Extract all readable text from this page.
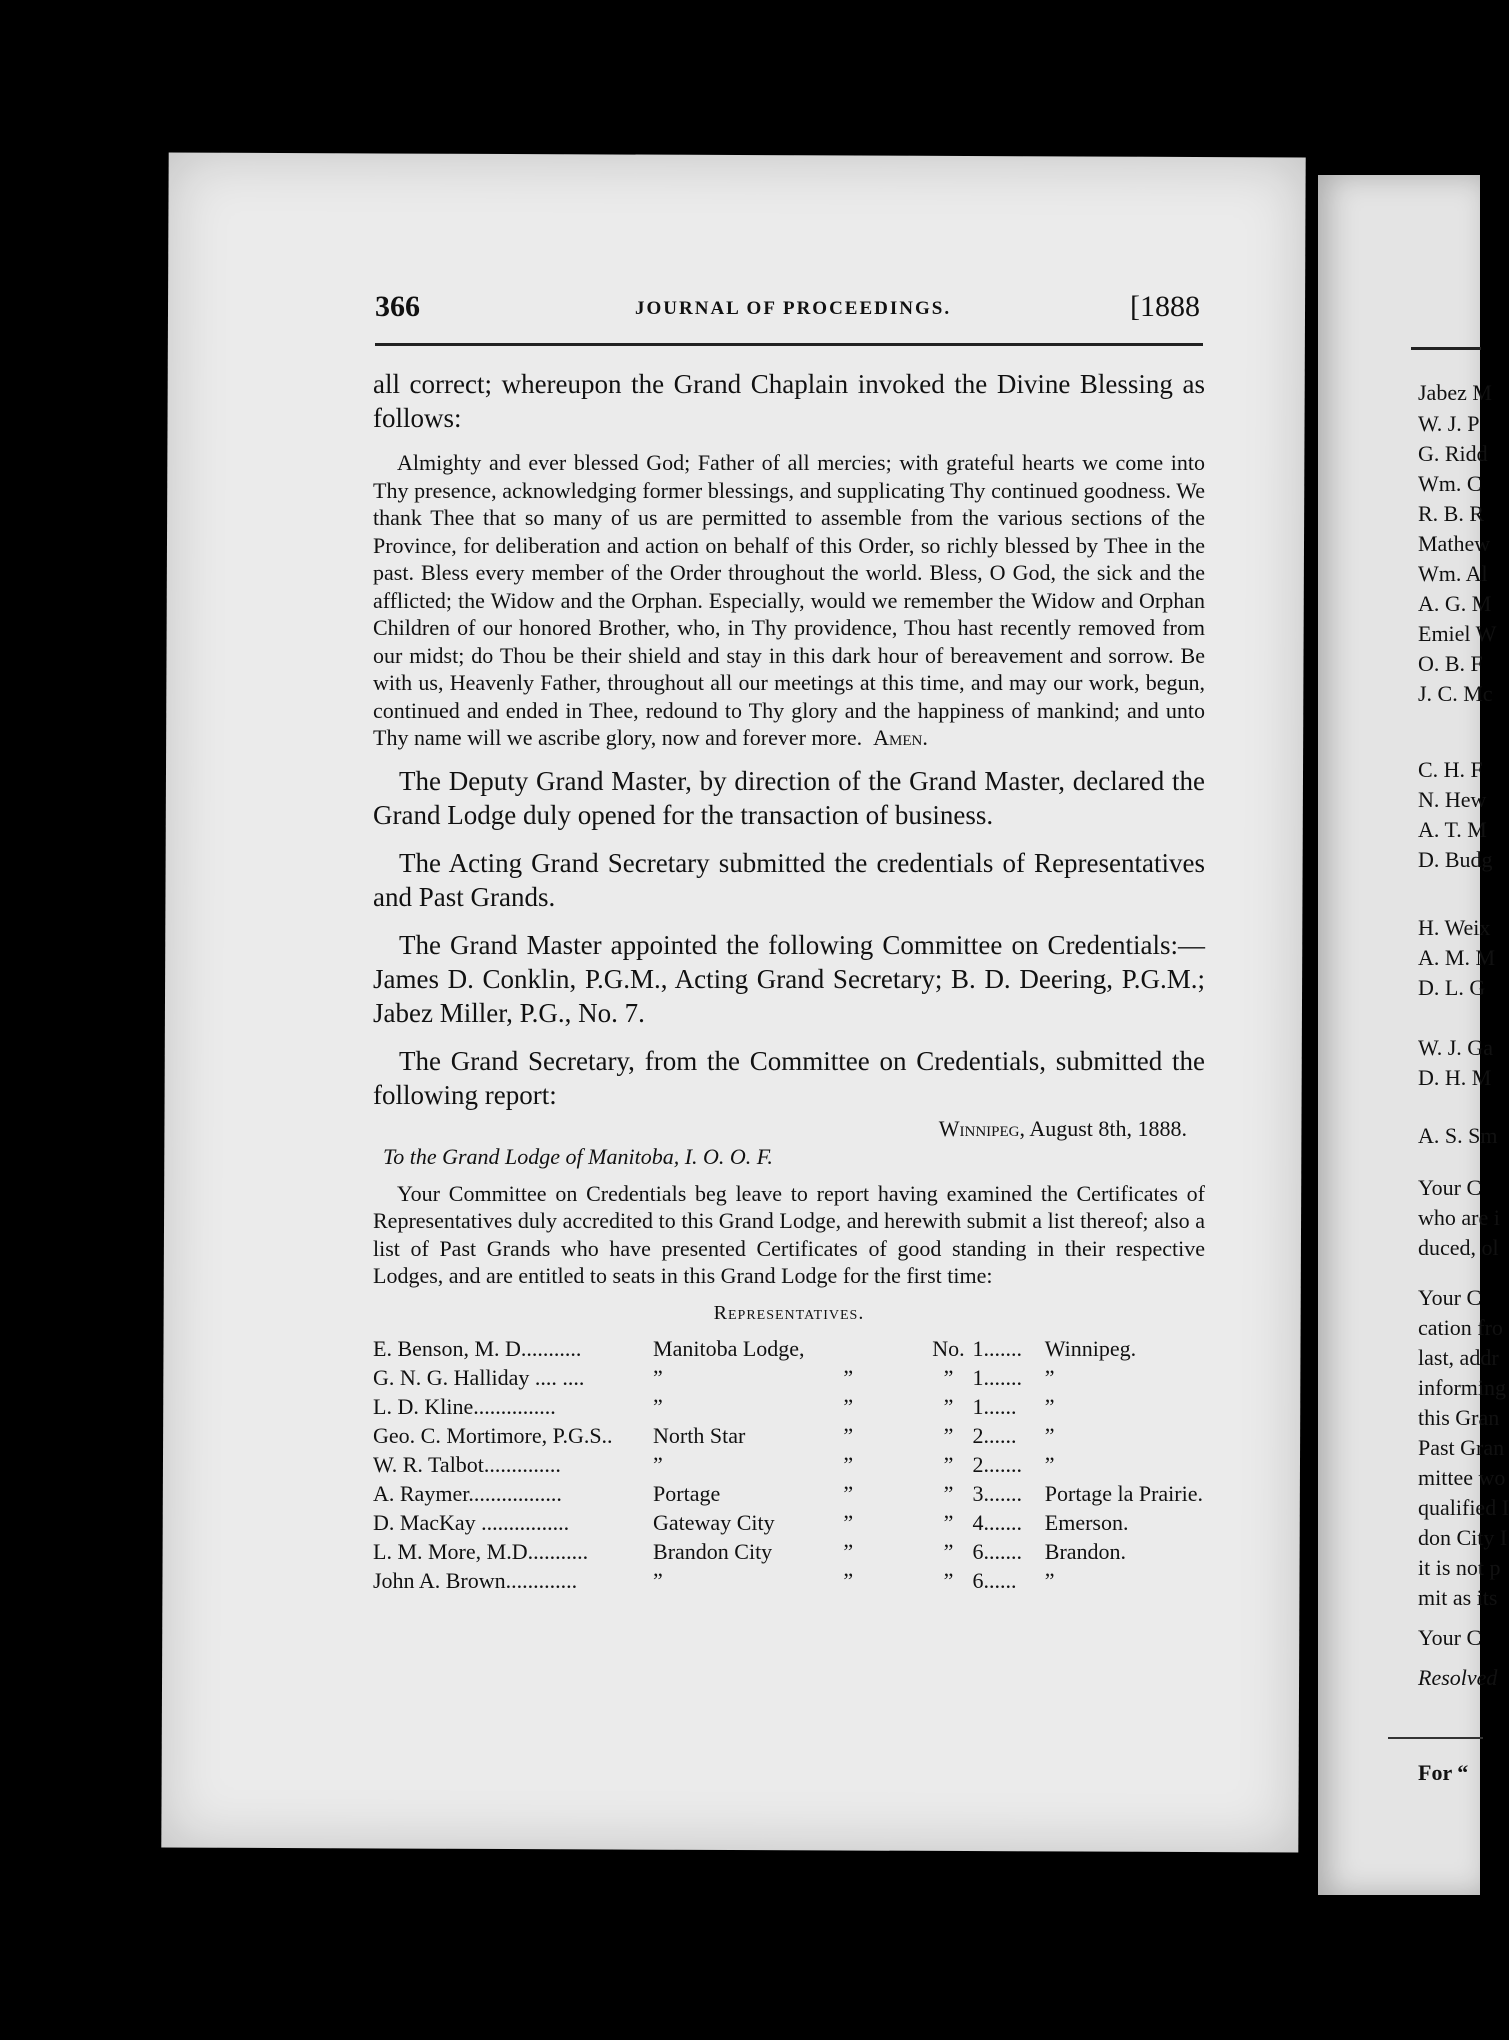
Jabez M
W. J. P
G. Ridd
Wm. C
R. B. R
Mathew
Wm. Al
A. G. M
Emiel W
O. B. F
J. C. Mc
C. H. F
N. Hew
A. T. M
D. Budg
H. Weix
A. M. M
D. L. G
W. J. Ga
D. H. M
A. S. Sm
Your C
who are i
duced, ol
Your C
cation fro
last, addr
informing
this Gran
Past Gran
mittee wo
qualified I
don City I
it is not p
mit as its
Your C
Resolved
For “
366	JOURNAL OF PROCEEDINGS.	[1888

all correct; whereupon the Grand Chaplain invoked the Divine Blessing as follows:

Almighty and ever blessed God; Father of all mercies; with grateful hearts we come into Thy presence, acknowledging former blessings, and supplicating Thy continued goodness. We thank Thee that so many of us are permitted to assemble from the various sections of the Province, for deliberation and action on behalf of this Order, so richly blessed by Thee in the past. Bless every member of the Order throughout the world. Bless, O God, the sick and the afflicted; the Widow and the Orphan. Especially, would we remember the Widow and Orphan Children of our honored Brother, who, in Thy providence, Thou hast recently removed from our midst; do Thou be their shield and stay in this dark hour of bereavement and sorrow. Be with us, Heavenly Father, throughout all our meetings at this time, and may our work, begun, continued and ended in Thee, redound to Thy glory and the happiness of mankind; and unto Thy name will we ascribe glory, now and forever more. Amen.

The Deputy Grand Master, by direction of the Grand Master, declared the Grand Lodge duly opened for the transaction of business.

The Acting Grand Secretary submitted the credentials of Representatives and Past Grands.

The Grand Master appointed the following Committee on Credentials:—James D. Conklin, P.G.M., Acting Grand Secretary; B. D. Deering, P.G.M.; Jabez Miller, P.G., No. 7.

The Grand Secretary, from the Committee on Credentials, submitted the following report:

Winnipeg, August 8th, 1888.
To the Grand Lodge of Manitoba, I. O. O. F.

Your Committee on Credentials beg leave to report having examined the Certificates of Representatives duly accredited to this Grand Lodge, and herewith submit a list thereof; also a list of Past Grands who have presented Certificates of good standing in their respective Lodges, and are entitled to seats in this Grand Lodge for the first time:

Representatives.
E. Benson, M. D...........	Manitoba Lodge,			No.	1.......	Winnipeg.
G. N. G. Halliday .... ....	”	”		”	1.......	”
L. D. Kline...............	”	”		”	1......	”
Geo. C. Mortimore, P.G.S..	North Star	”		”	2......	”
W. R. Talbot..............	”	”		”	2.......	”
A. Raymer.................	Portage	”		”	3.......	Portage la Prairie.
D. MacKay ................	Gateway City	”		”	4.......	Emerson.
L. M. More, M.D...........	Brandon City	”		”	6.......	Brandon.
John A. Brown.............	”	”		”	6......	”
